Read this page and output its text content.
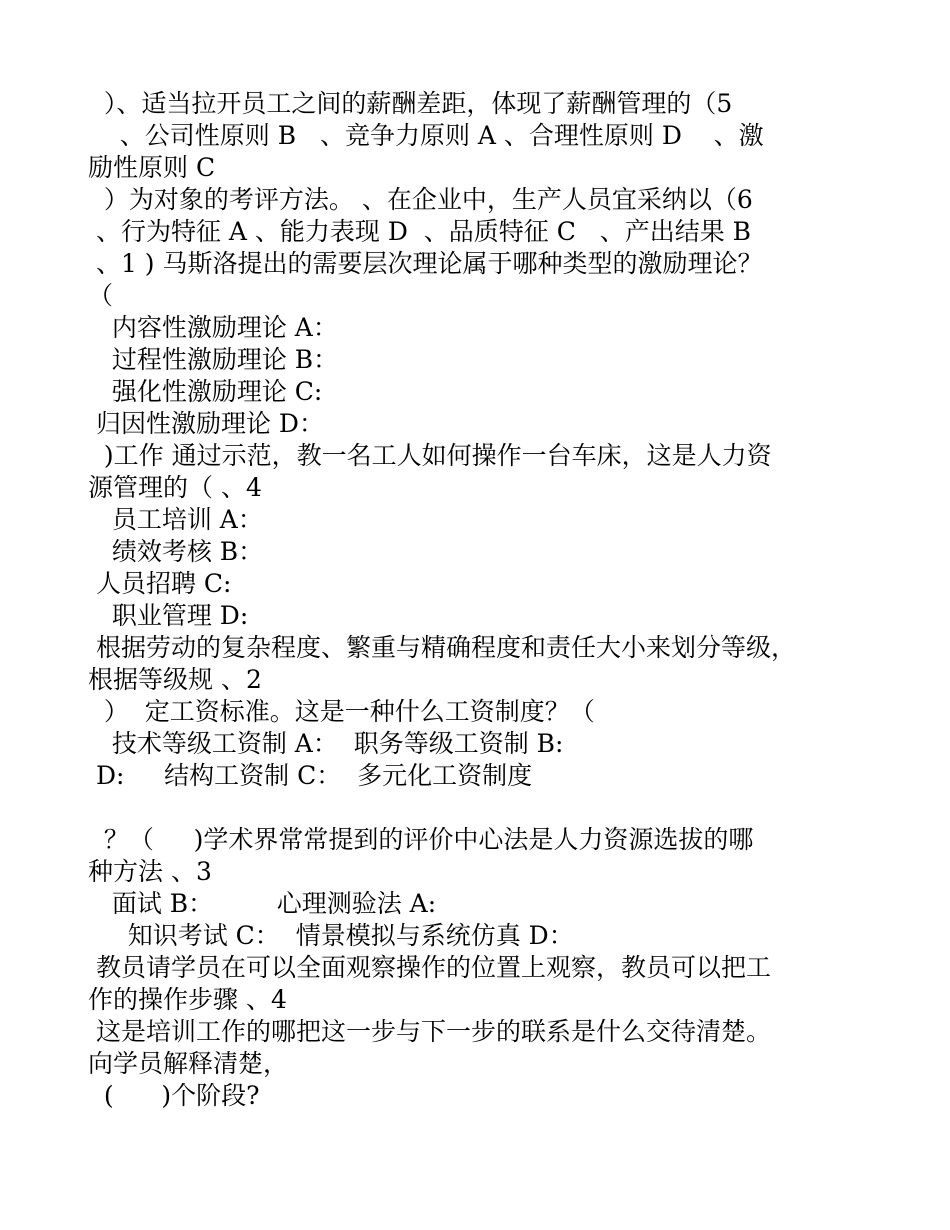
）、适当拉开员工之间的薪酬差距，体现了薪酬管理的（5
、公司性原则 B   、竞争力原则 A 、合理性原则 D    、激
励性原则 C
）为对象的考评方法。 、在企业中，生产人员宜采纳以（6
、行为特征 A 、能力表现 D  、品质特征 C   、产出结果 B
、1 ) 马斯洛提出的需要层次理论属于哪种类型的激励理论？
（
内容性激励理论 A：
过程性激励理论 B：
强化性激励理论 C:
归因性激励理论 D：
)工作 通过示范，教一名工人如何操作一台车床，这是人力资
源管理的（ 、4
员工培训 A：
绩效考核 B：
人员招聘 C:
职业管理 D:
根据劳动的复杂程度、繁重与精确程度和责任大小来划分等级，
根据等级规 、2
）  定工资标准。这是一种什么工资制度？（
技术等级工资制 A：  职务等级工资制 B:
D:     结构工资制 C：  多元化工资制度
？（     )学术界常常提到的评价中心法是人力资源选拔的哪
种方法 、3
面试 B：        心理测验法 A:
知识考试 C：  情景模拟与系统仿真 D：
教员请学员在可以全面观察操作的位置上观察，教员可以把工
作的操作步骤 、4
这是培训工作的哪把这一步与下一步的联系是什么交待清楚。
向学员解释清楚，
(      )个阶段?
